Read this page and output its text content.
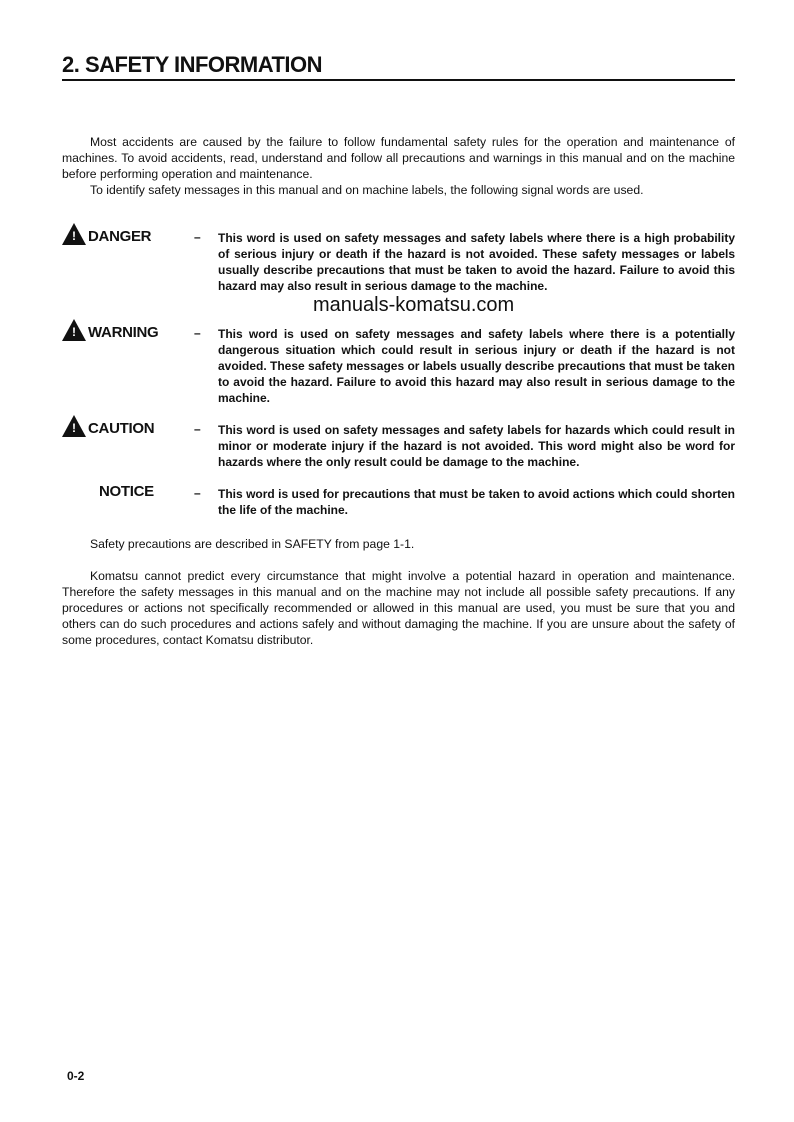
2. SAFETY INFORMATION

Most accidents are caused by the failure to follow fundamental safety rules for the operation and maintenance of machines. To avoid accidents, read, understand and follow all precautions and warnings in this manual and on the machine before performing operation and maintenance.

To identify safety messages in this manual and on machine labels, the following signal words are used.

! DANGER	– This word is used on safety messages and safety labels where there is a high probability of serious injury or death if the hazard is not avoided. These safety messages or labels usually describe precautions that must be taken to avoid the hazard. Failure to avoid this hazard may also result in serious damage to the machine.
manuals-komatsu.com
! WARNING	– This word is used on safety messages and safety labels where there is a potentially dangerous situation which could result in serious injury or death if the hazard is not avoided. These safety messages or labels usually describe precautions that must be taken to avoid the hazard. Failure to avoid this hazard may also result in serious damage to the machine.
! CAUTION	– This word is used on safety messages and safety labels for hazards which could result in minor or moderate injury if the hazard is not avoided. This word might also be word for hazards where the only result could be damage to the machine.
NOTICE	– This word is used for precautions that must be taken to avoid actions which could shorten the life of the machine.

Safety precautions are described in SAFETY from page 1-1.

Komatsu cannot predict every circumstance that might involve a potential hazard in operation and maintenance. Therefore the safety messages in this manual and on the machine may not include all possible safety precautions. If any procedures or actions not specifically recommended or allowed in this manual are used, you must be sure that you and others can do such procedures and actions safely and without damaging the machine. If you are unsure about the safety of some procedures, contact Komatsu distributor.

0-2
